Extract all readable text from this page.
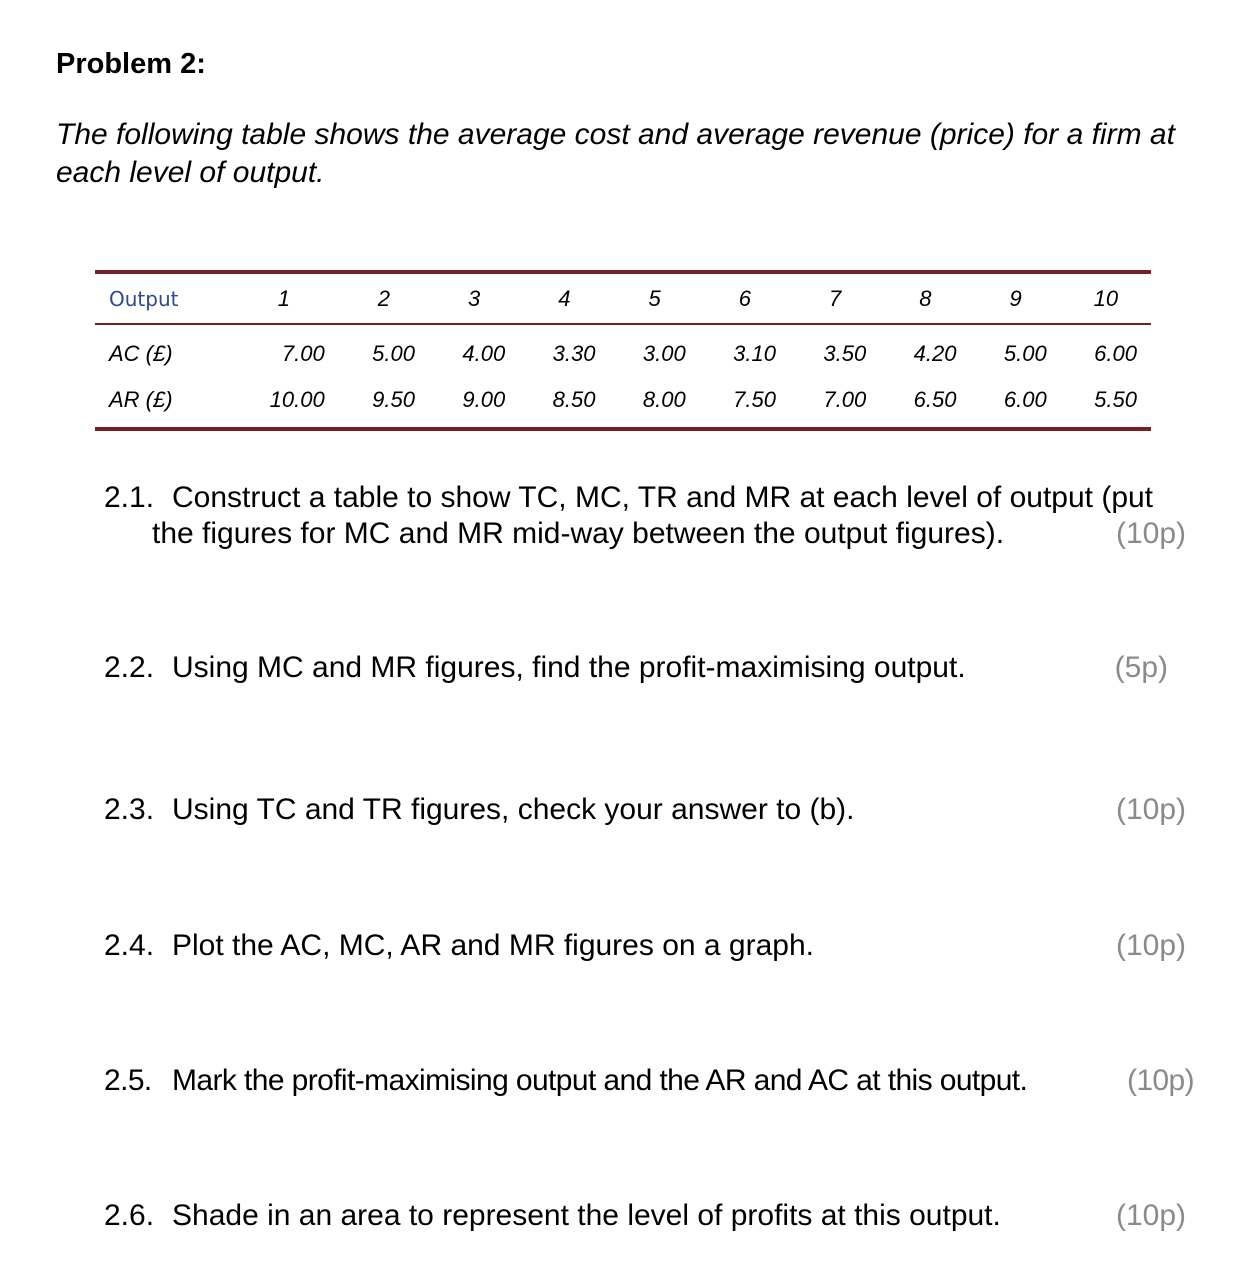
Problem 2:

The following table shows the average cost and average revenue (price) for a firm at each level of output.

Output	1	2	3	4	5	6	7	8	9	10
AC (£)	7.00	5.00	4.00	3.30	3.00	3.10	3.50	4.20	5.00	6.00
AR (£)	10.00	9.50	9.00	8.50	8.00	7.50	7.00	6.50	6.00	5.50
2.1. Construct a table to show TC, MC, TR and MR at each level of output (put
the figures for MC and MR mid-way between the output figures).	(10p)
2.2. Using MC and MR figures, find the profit-maximising output.	(5p)
2.3. Using TC and TR figures, check your answer to (b).	(10p)
2.4. Plot the AC, MC, AR and MR figures on a graph.	(10p)
2.5. Mark the profit-maximising output and the AR and AC at this output.	(10p)
2.6. Shade in an area to represent the level of profits at this output.	(10p)
